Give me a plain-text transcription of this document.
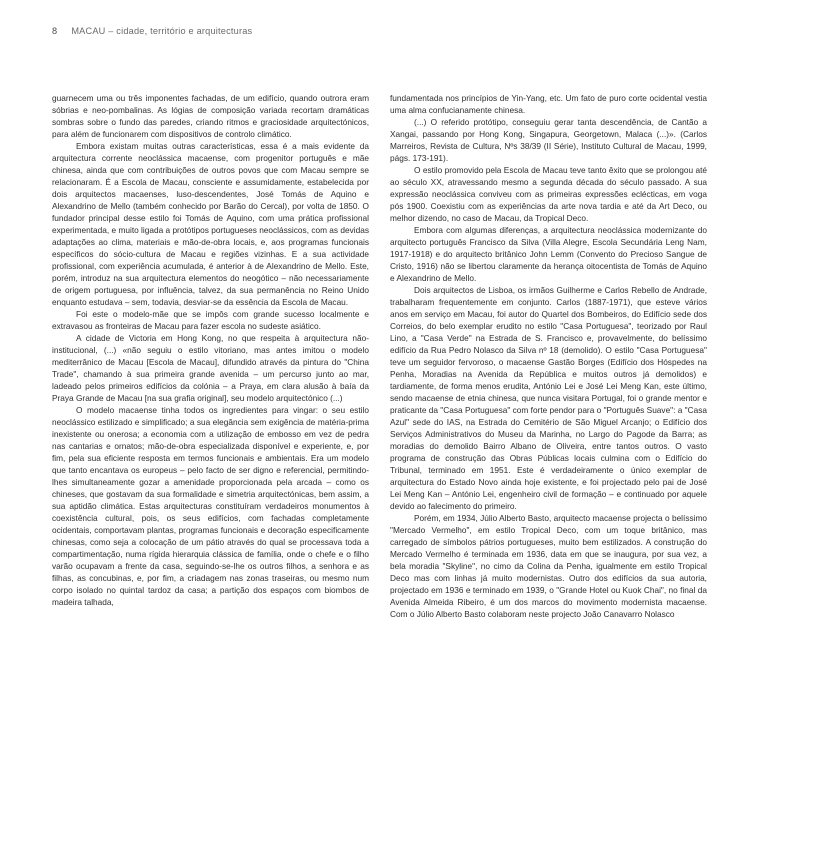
8 MACAU – cidade, território e arquitecturas

guarnecem uma ou três imponentes fachadas, de um edifício, quando outrora eram sóbrias e neo-pombalinas. As lógias de composição variada recortam dramáticas sombras sobre o fundo das paredes, criando ritmos e graciosidade arquitectónicos, para além de funcionarem com dispositivos de controlo climático.

Embora existam muitas outras características, essa é a mais evidente da arquitectura corrente neoclássica macaense, com progenitor português e mãe chinesa, ainda que com contribuições de outros povos que com Macau sempre se relacionaram. É a Escola de Macau, consciente e assumidamente, estabelecida por dois arquitectos macaenses, luso-descendentes, José Tomás de Aquino e Alexandrino de Mello (também conhecido por Barão do Cercal), por volta de 1850. O fundador principal desse estilo foi Tomás de Aquino, com uma prática profissional experimentada, e muito ligada a protótipos portugueses neoclássicos, com as devidas adaptações ao clima, materiais e mão-de-obra locais, e, aos programas funcionais específicos do sócio-cultura de Macau e regiões vizinhas. E a sua actividade profissional, com experiência acumulada, é anterior à de Alexandrino de Mello. Este, porém, introduz na sua arquitectura elementos do neogótico – não necessariamente de origem portuguesa, por influência, talvez, da sua permanência no Reino Unido enquanto estudava – sem, todavia, desviar-se da essência da Escola de Macau.

Foi este o modelo-mãe que se impôs com grande sucesso localmente e extravasou as fronteiras de Macau para fazer escola no sudeste asiático.

A cidade de Victoria em Hong Kong, no que respeita à arquitectura não-institucional, (...) «não seguiu o estilo vitoriano, mas antes imitou o modelo mediterrânico de Macau [Escola de Macau], difundido através da pintura do "China Trade", chamando à sua primeira grande avenida – um percurso junto ao mar, ladeado pelos primeiros edifícios da colónia – a Praya, em clara alusão à baía da Praya Grande de Macau [na sua grafia original], seu modelo arquitectónico (...)

O modelo macaense tinha todos os ingredientes para vingar: o seu estilo neoclássico estilizado e simplificado; a sua elegância sem exigência de matéria-prima inexistente ou onerosa; a economia com a utilização de embosso em vez de pedra nas cantarias e ornatos; mão-de-obra especializada disponível e experiente, e, por fim, pela sua eficiente resposta em termos funcionais e ambientais. Era um modelo que tanto encantava os europeus – pelo facto de ser digno e referencial, permitindo-lhes simultaneamente gozar a amenidade proporcionada pela arcada – como os chineses, que gostavam da sua formalidade e simetria arquitectónicas, bem assim, a sua aptidão climática. Estas arquitecturas constituíram verdadeiros monumentos à coexistência cultural, pois, os seus edifícios, com fachadas completamente ocidentais, comportavam plantas, programas funcionais e decoração especificamente chinesas, como seja a colocação de um pátio através do qual se processava toda a compartimentação, numa rígida hierarquia clássica de família, onde o chefe e o filho varão ocupavam a frente da casa, seguindo-se-lhe os outros filhos, a senhora e as filhas, as concubinas, e, por fim, a criadagem nas zonas traseiras, ou mesmo num corpo isolado no quintal tardoz da casa; a partição dos espaços com biombos de madeira talhada,

fundamentada nos princípios de Yin-Yang, etc. Um fato de puro corte ocidental vestia uma alma confucianamente chinesa.

(...) O referido protótipo, conseguiu gerar tanta descendência, de Cantão a Xangai, passando por Hong Kong, Singapura, Georgetown, Malaca (...)». (Carlos Marreiros, Revista de Cultura, Nºs 38/39 (II Série), Instituto Cultural de Macau, 1999, págs. 173-191).

O estilo promovido pela Escola de Macau teve tanto êxito que se prolongou até ao século XX, atravessando mesmo a segunda década do século passado. A sua expressão neoclássica conviveu com as primeiras expressões eclécticas, em voga pós 1900. Coexistiu com as experiências da arte nova tardia e até da Art Deco, ou melhor dizendo, no caso de Macau, da Tropical Deco.

Embora com algumas diferenças, a arquitectura neoclássica modernizante do arquitecto português Francisco da Silva (Villa Alegre, Escola Secundária Leng Nam, 1917-1918) e do arquitecto britânico John Lemm (Convento do Precioso Sangue de Cristo, 1916) não se libertou claramente da herança oitocentista de Tomás de Aquino e Alexandrino de Mello.

Dois arquitectos de Lisboa, os irmãos Guilherme e Carlos Rebello de Andrade, trabalharam frequentemente em conjunto. Carlos (1887-1971), que esteve vários anos em serviço em Macau, foi autor do Quartel dos Bombeiros, do Edifício sede dos Correios, do belo exemplar erudito no estilo "Casa Portuguesa", teorizado por Raul Lino, a "Casa Verde" na Estrada de S. Francisco e, provavelmente, do belíssimo edifício da Rua Pedro Nolasco da Silva nº 18 (demolido). O estilo "Casa Portuguesa" teve um seguidor fervoroso, o macaense Gastão Borges (Edifício dos Hóspedes na Penha, Moradias na Avenida da República e muitos outros já demolidos) e tardiamente, de forma menos erudita, António Lei e José Lei Meng Kan, este último, sendo macaense de etnia chinesa, que nunca visitara Portugal, foi o grande mentor e praticante da "Casa Portuguesa" com forte pendor para o "Português Suave": a "Casa Azul" sede do IAS, na Estrada do Cemitério de São Miguel Arcanjo; o Edifício dos Serviços Administrativos do Museu da Marinha, no Largo do Pagode da Barra; as moradias do demolido Bairro Albano de Oliveira, entre tantos outros. O vasto programa de construção das Obras Públicas locais culmina com o Edifício do Tribunal, terminado em 1951. Este é verdadeiramente o único exemplar de arquitectura do Estado Novo ainda hoje existente, e foi projectado pelo pai de José Lei Meng Kan – António Lei, engenheiro civil de formação – e continuado por aquele devido ao falecimento do primeiro.

Porém, em 1934, Júlio Alberto Basto, arquitecto macaense projecta o belíssimo "Mercado Vermelho", em estilo Tropical Deco, com um toque britânico, mas carregado de símbolos pátrios portugueses, muito bem estilizados. A construção do Mercado Vermelho é terminada em 1936, data em que se inaugura, por sua vez, a bela moradia "Skyline", no cimo da Colina da Penha, igualmente em estilo Tropical Deco mas com linhas já muito modernistas. Outro dos edifícios da sua autoria, projectado em 1936 e terminado em 1939, o "Grande Hotel ou Kuok Chai", no final da Avenida Almeida Ribeiro, é um dos marcos do movimento modernista macaense. Com o Júlio Alberto Basto colaboram neste projecto João Canavarro Nolasco
